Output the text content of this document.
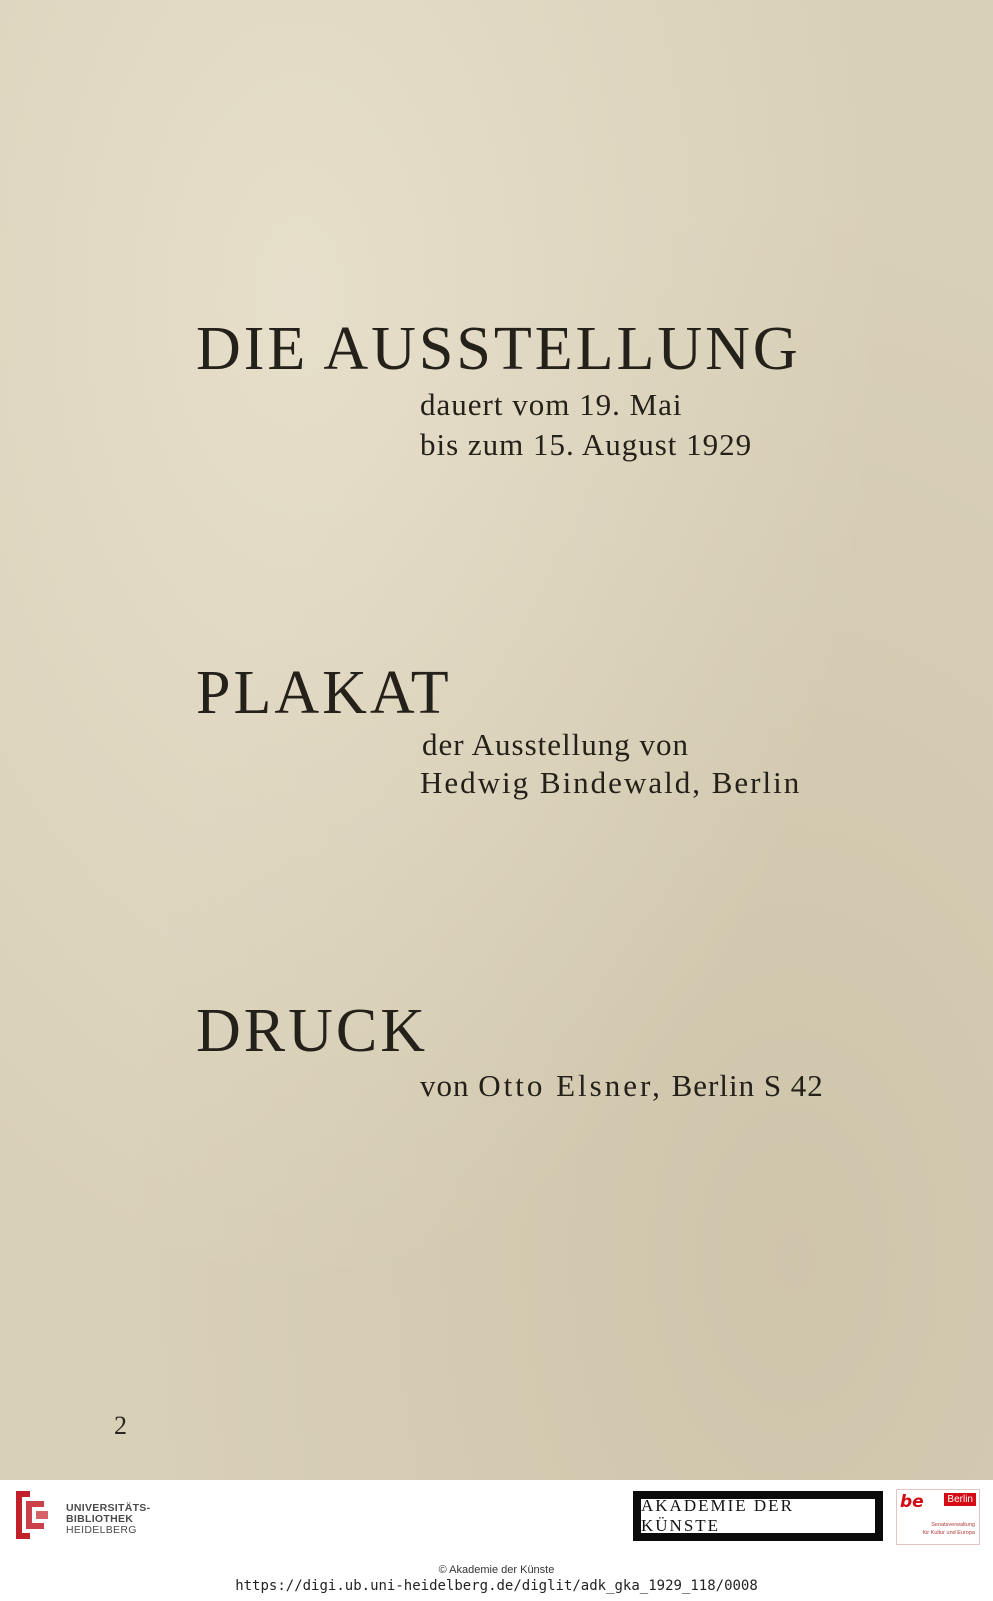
DIE AUSSTELLUNG
dauert vom 19. Mai
bis zum 15. August 1929
PLAKAT
der Ausstellung von
Hedwig Bindewald, Berlin
DRUCK
von Otto Elsner, Berlin S 42
2
UNIVERSITÄTS-
BIBLIOTHEK
HEIDELBERG
AKADEMIE DER KÜNSTE
be	Berlin
Senatsverwaltung
für Kultur und Europa
© Akademie der Künste
https://digi.ub.uni-heidelberg.de/diglit/adk_gka_1929_118/0008
